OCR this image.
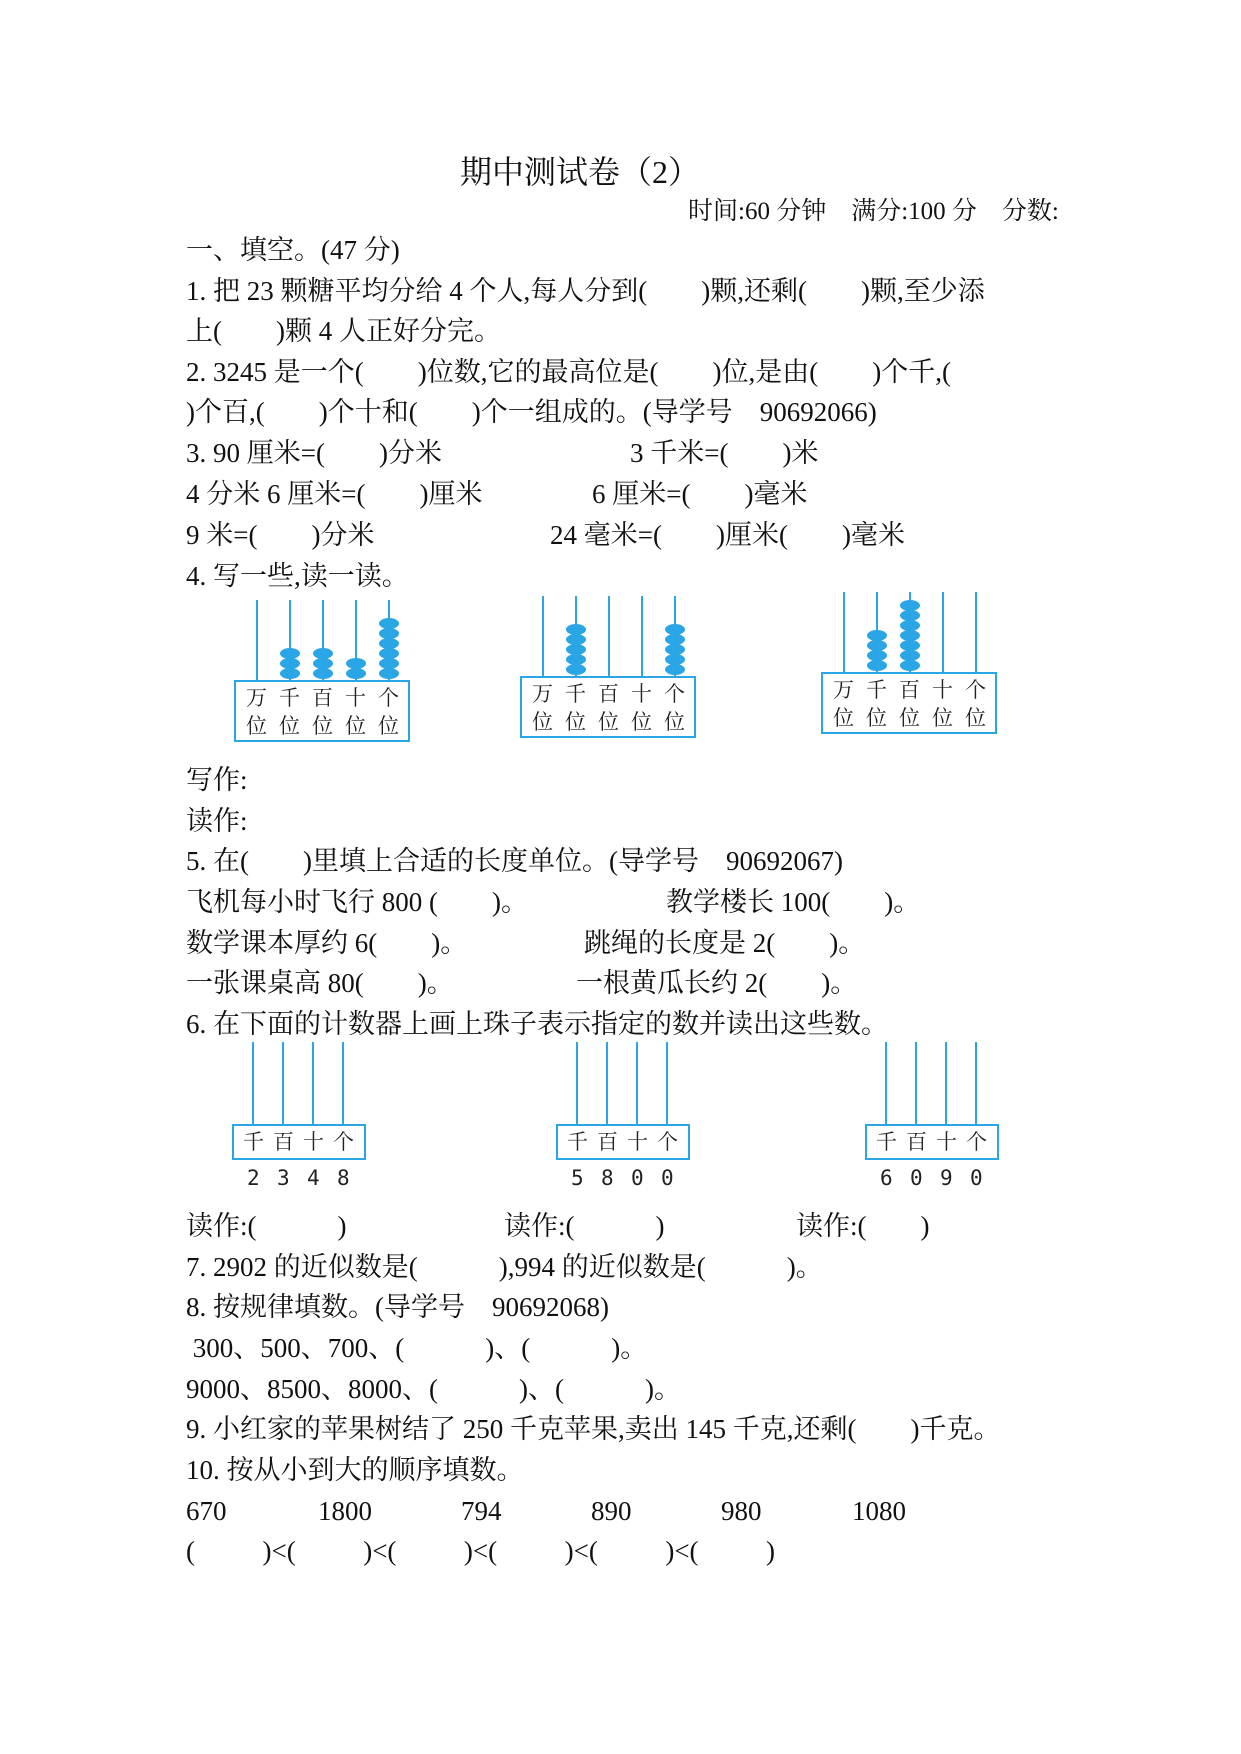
期中测试卷（2）
时间:60 分钟    满分:100 分    分数:
一、填空。(47 分)
1. 把 23 颗糖平均分给 4 个人,每人分到(        )颗,还剩(        )颗,至少添
上(        )颗 4 人正好分完。
2. 3245 是一个(        )位数,它的最高位是(        )位,是由(        )个千,(
)个百,(        )个十和(        )个一组成的。(导学号    90692066)
3. 90 厘米=(        )分米	3 千米=(        )米
4 分米 6 厘米=(        )厘米	6 厘米=(        )毫米
9 米=(        )分米	24 毫米=(        )厘米(        )毫米
4. 写一些,读一读。
万 千 百 十 个
位 位 位 位 位
万 千 百 十 个
位 位 位 位 位
万 千 百 十 个
位 位 位 位 位
写作:
读作:
5. 在(        )里填上合适的长度单位。(导学号    90692067)
飞机每小时飞行 800 (        )。	教学楼长 100(        )。
数学课本厚约 6(        )。	跳绳的长度是 2(        )。
一张课桌高 80(        )。	一根黄瓜长约 2(        )。
6. 在下面的计数器上画上珠子表示指定的数并读出这些数。
千 百 十 个
2 3 4 8
千 百 十 个
5 8 0 0
千 百 十 个
6 0 9 0
读作:(            )	读作:(            )	读作:(        )
7. 2902 的近似数是(            ),994 的近似数是(            )。
8. 按规律填数。(导学号    90692068)
300、500、700、(            )、(            )。
9000、8500、8000、(            )、(            )。
9. 小红家的苹果树结了 250 千克苹果,卖出 145 千克,还剩(        )千克。
10. 按从小到大的顺序填数。
670	1800	794	890	980	1080
(          )<(          )<(          )<(          )<(          )<(          )
